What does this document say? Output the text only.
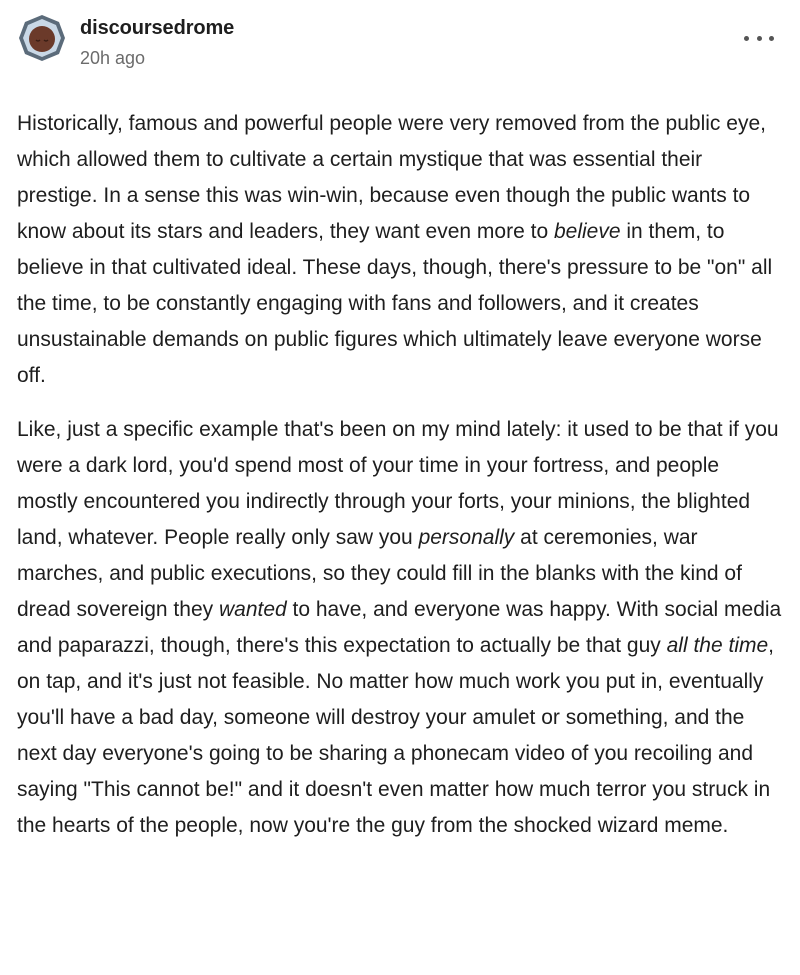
discoursedrome
20h ago

Historically, famous and powerful people were very removed from the public eye, which allowed them to cultivate a certain mystique that was essential their prestige. In a sense this was win-win, because even though the public wants to know about its stars and leaders, they want even more to believe in them, to believe in that cultivated ideal. These days, though, there's pressure to be "on" all the time, to be constantly engaging with fans and followers, and it creates unsustainable demands on public figures which ultimately leave everyone worse off.

Like, just a specific example that's been on my mind lately: it used to be that if you were a dark lord, you'd spend most of your time in your fortress, and people mostly encountered you indirectly through your forts, your minions, the blighted land, whatever. People really only saw you personally at ceremonies, war marches, and public executions, so they could fill in the blanks with the kind of dread sovereign they wanted to have, and everyone was happy. With social media and paparazzi, though, there's this expectation to actually be that guy all the time, on tap, and it's just not feasible. No matter how much work you put in, eventually you'll have a bad day, someone will destroy your amulet or something, and the next day everyone's going to be sharing a phonecam video of you recoiling and saying "This cannot be!" and it doesn't even matter how much terror you struck in the hearts of the people, now you're the guy from the shocked wizard meme.
